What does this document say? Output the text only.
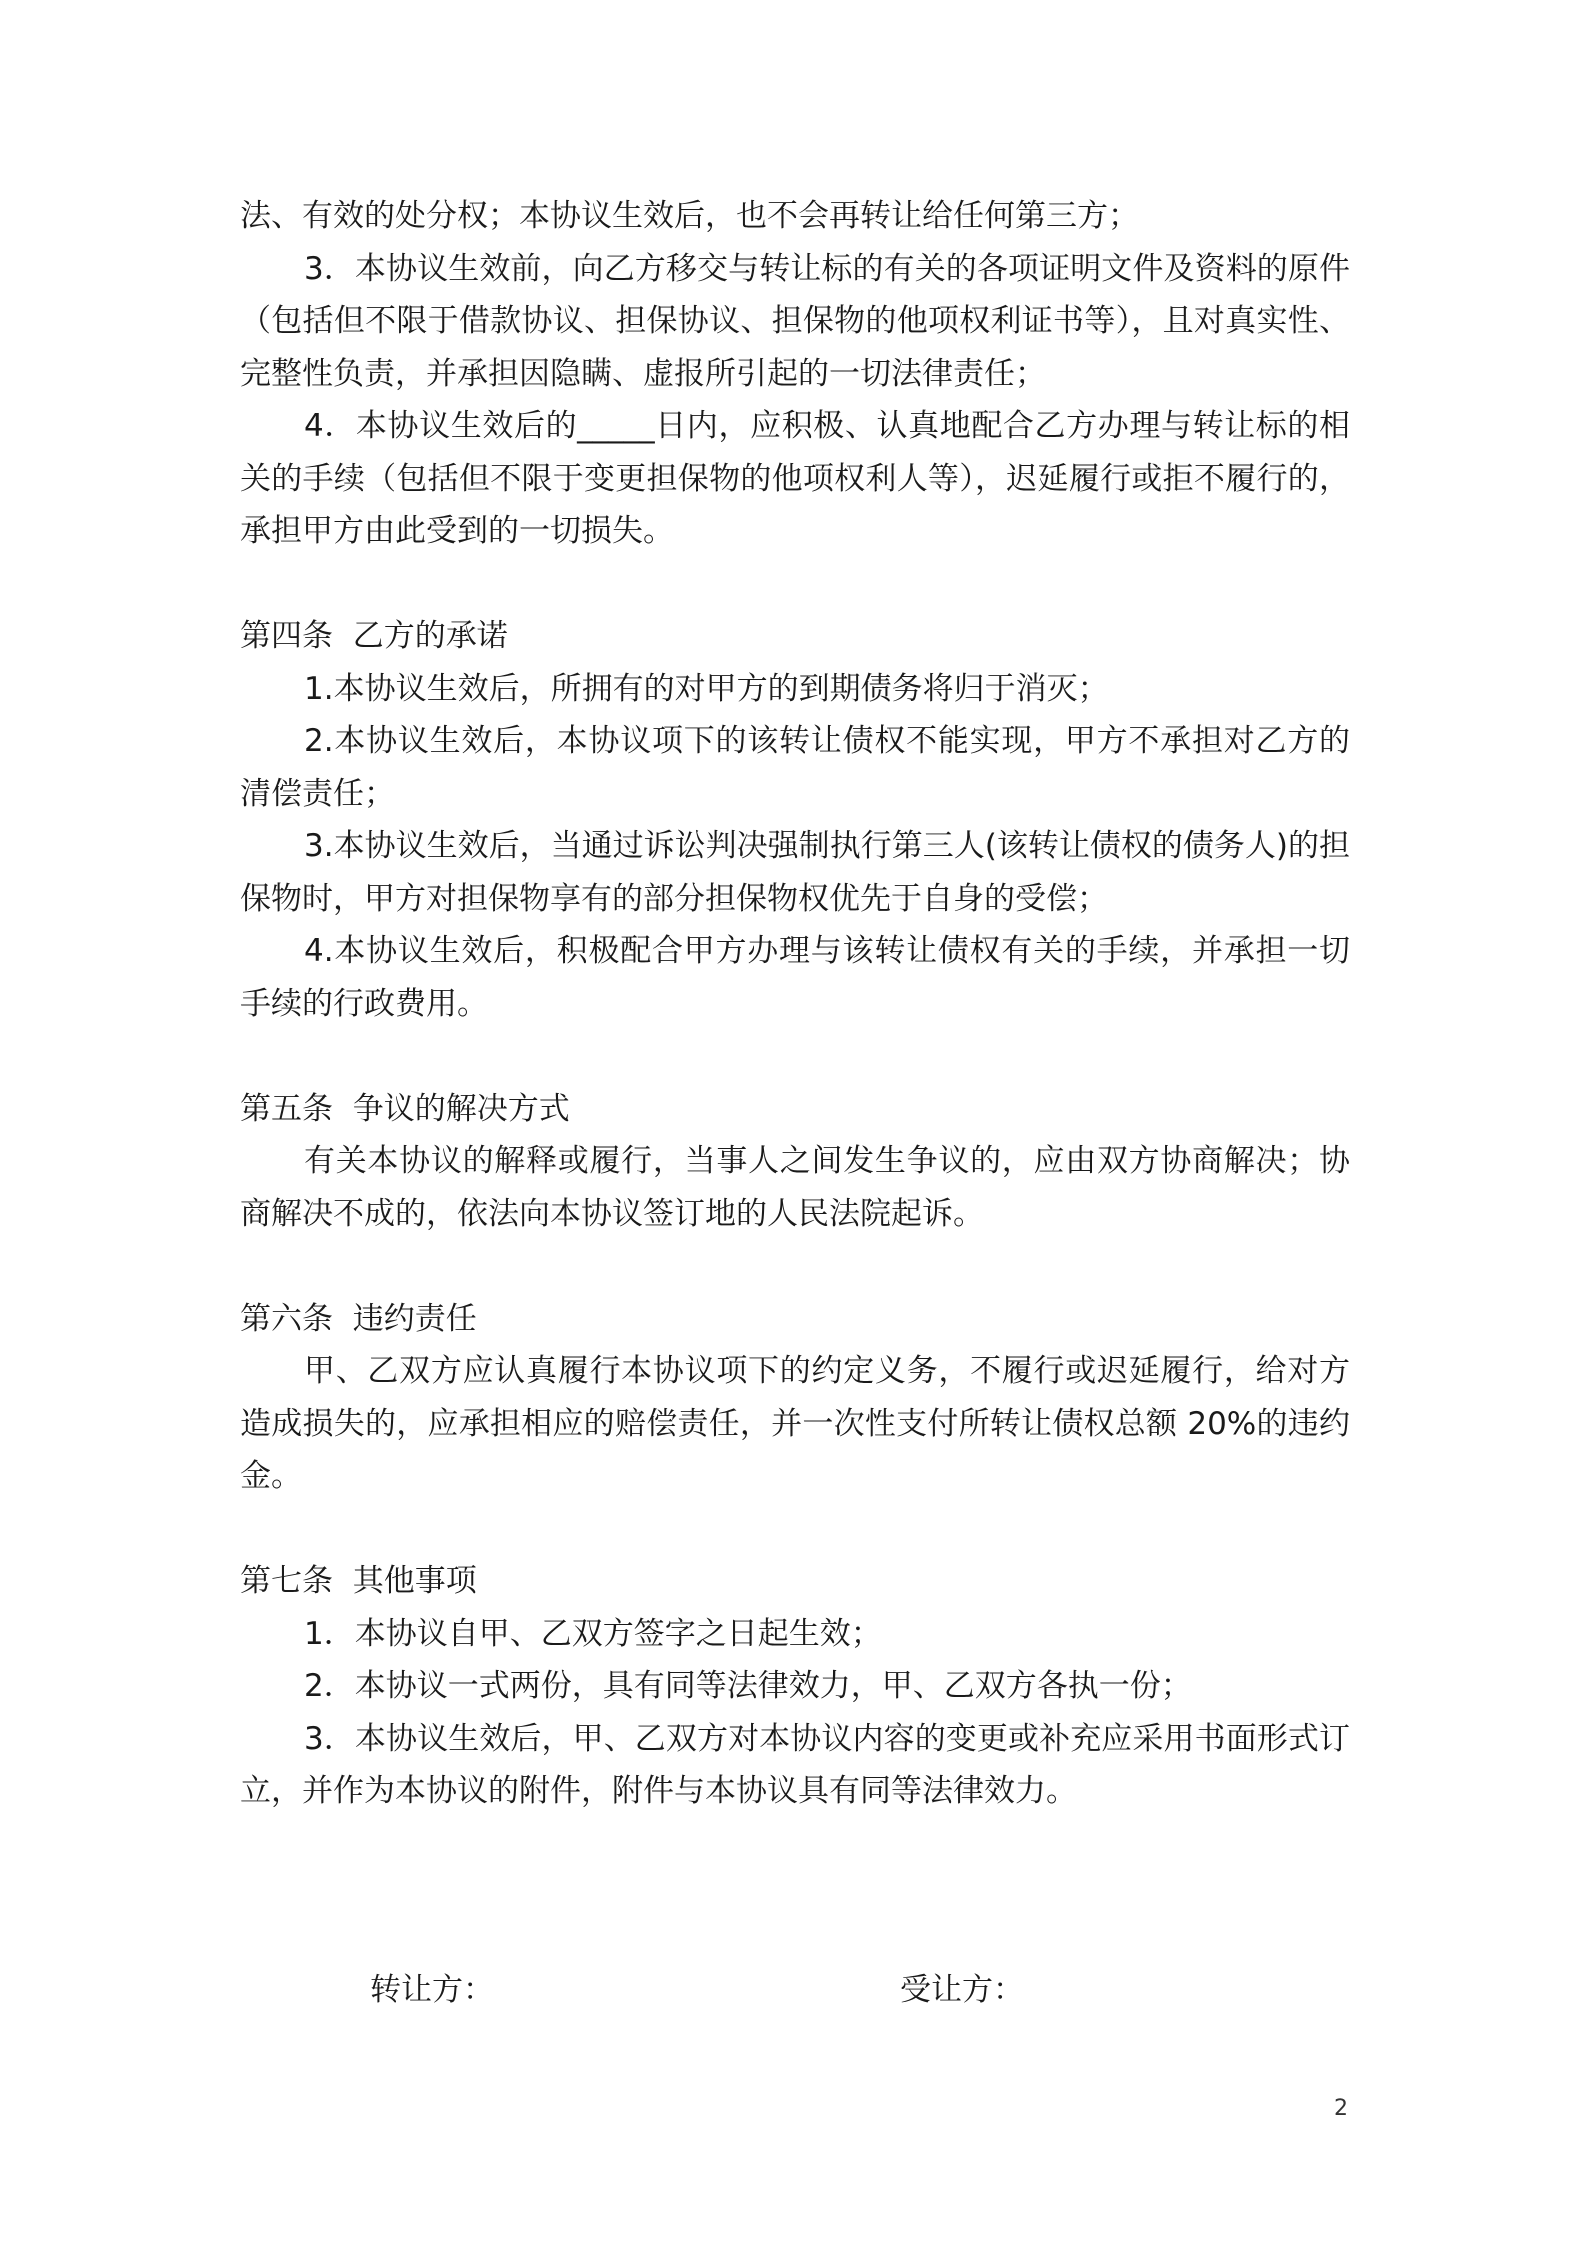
法、有效的处分权；本协议生效后，也不会再转让给任何第三方；

3．本协议生效前，向乙方移交与转让标的有关的各项证明文件及资料的原件（包括但不限于借款协议、担保协议、担保物的他项权利证书等），且对真实性、完整性负责，并承担因隐瞒、虚报所引起的一切法律责任；

4．本协议生效后的_____日内，应积极、认真地配合乙方办理与转让标的相关的手续（包括但不限于变更担保物的他项权利人等），迟延履行或拒不履行的，承担甲方由此受到的一切损失。

第四条  乙方的承诺

1.本协议生效后，所拥有的对甲方的到期债务将归于消灭；

2.本协议生效后，本协议项下的该转让债权不能实现，甲方不承担对乙方的清偿责任；

3.本协议生效后，当通过诉讼判决强制执行第三人(该转让债权的债务人)的担保物时，甲方对担保物享有的部分担保物权优先于自身的受偿；

4.本协议生效后，积极配合甲方办理与该转让债权有关的手续，并承担一切手续的行政费用。

第五条  争议的解决方式

有关本协议的解释或履行，当事人之间发生争议的，应由双方协商解决；协商解决不成的，依法向本协议签订地的人民法院起诉。

第六条  违约责任

甲、乙双方应认真履行本协议项下的约定义务，不履行或迟延履行，给对方造成损失的，应承担相应的赔偿责任，并一次性支付所转让债权总额 20%的违约金。

第七条  其他事项

1．本协议自甲、乙双方签字之日起生效；

2．本协议一式两份，具有同等法律效力，甲、乙双方各执一份；

3．本协议生效后，甲、乙双方对本协议内容的变更或补充应采用书面形式订立，并作为本协议的附件，附件与本协议具有同等法律效力。

转让方：	受让方：
2
